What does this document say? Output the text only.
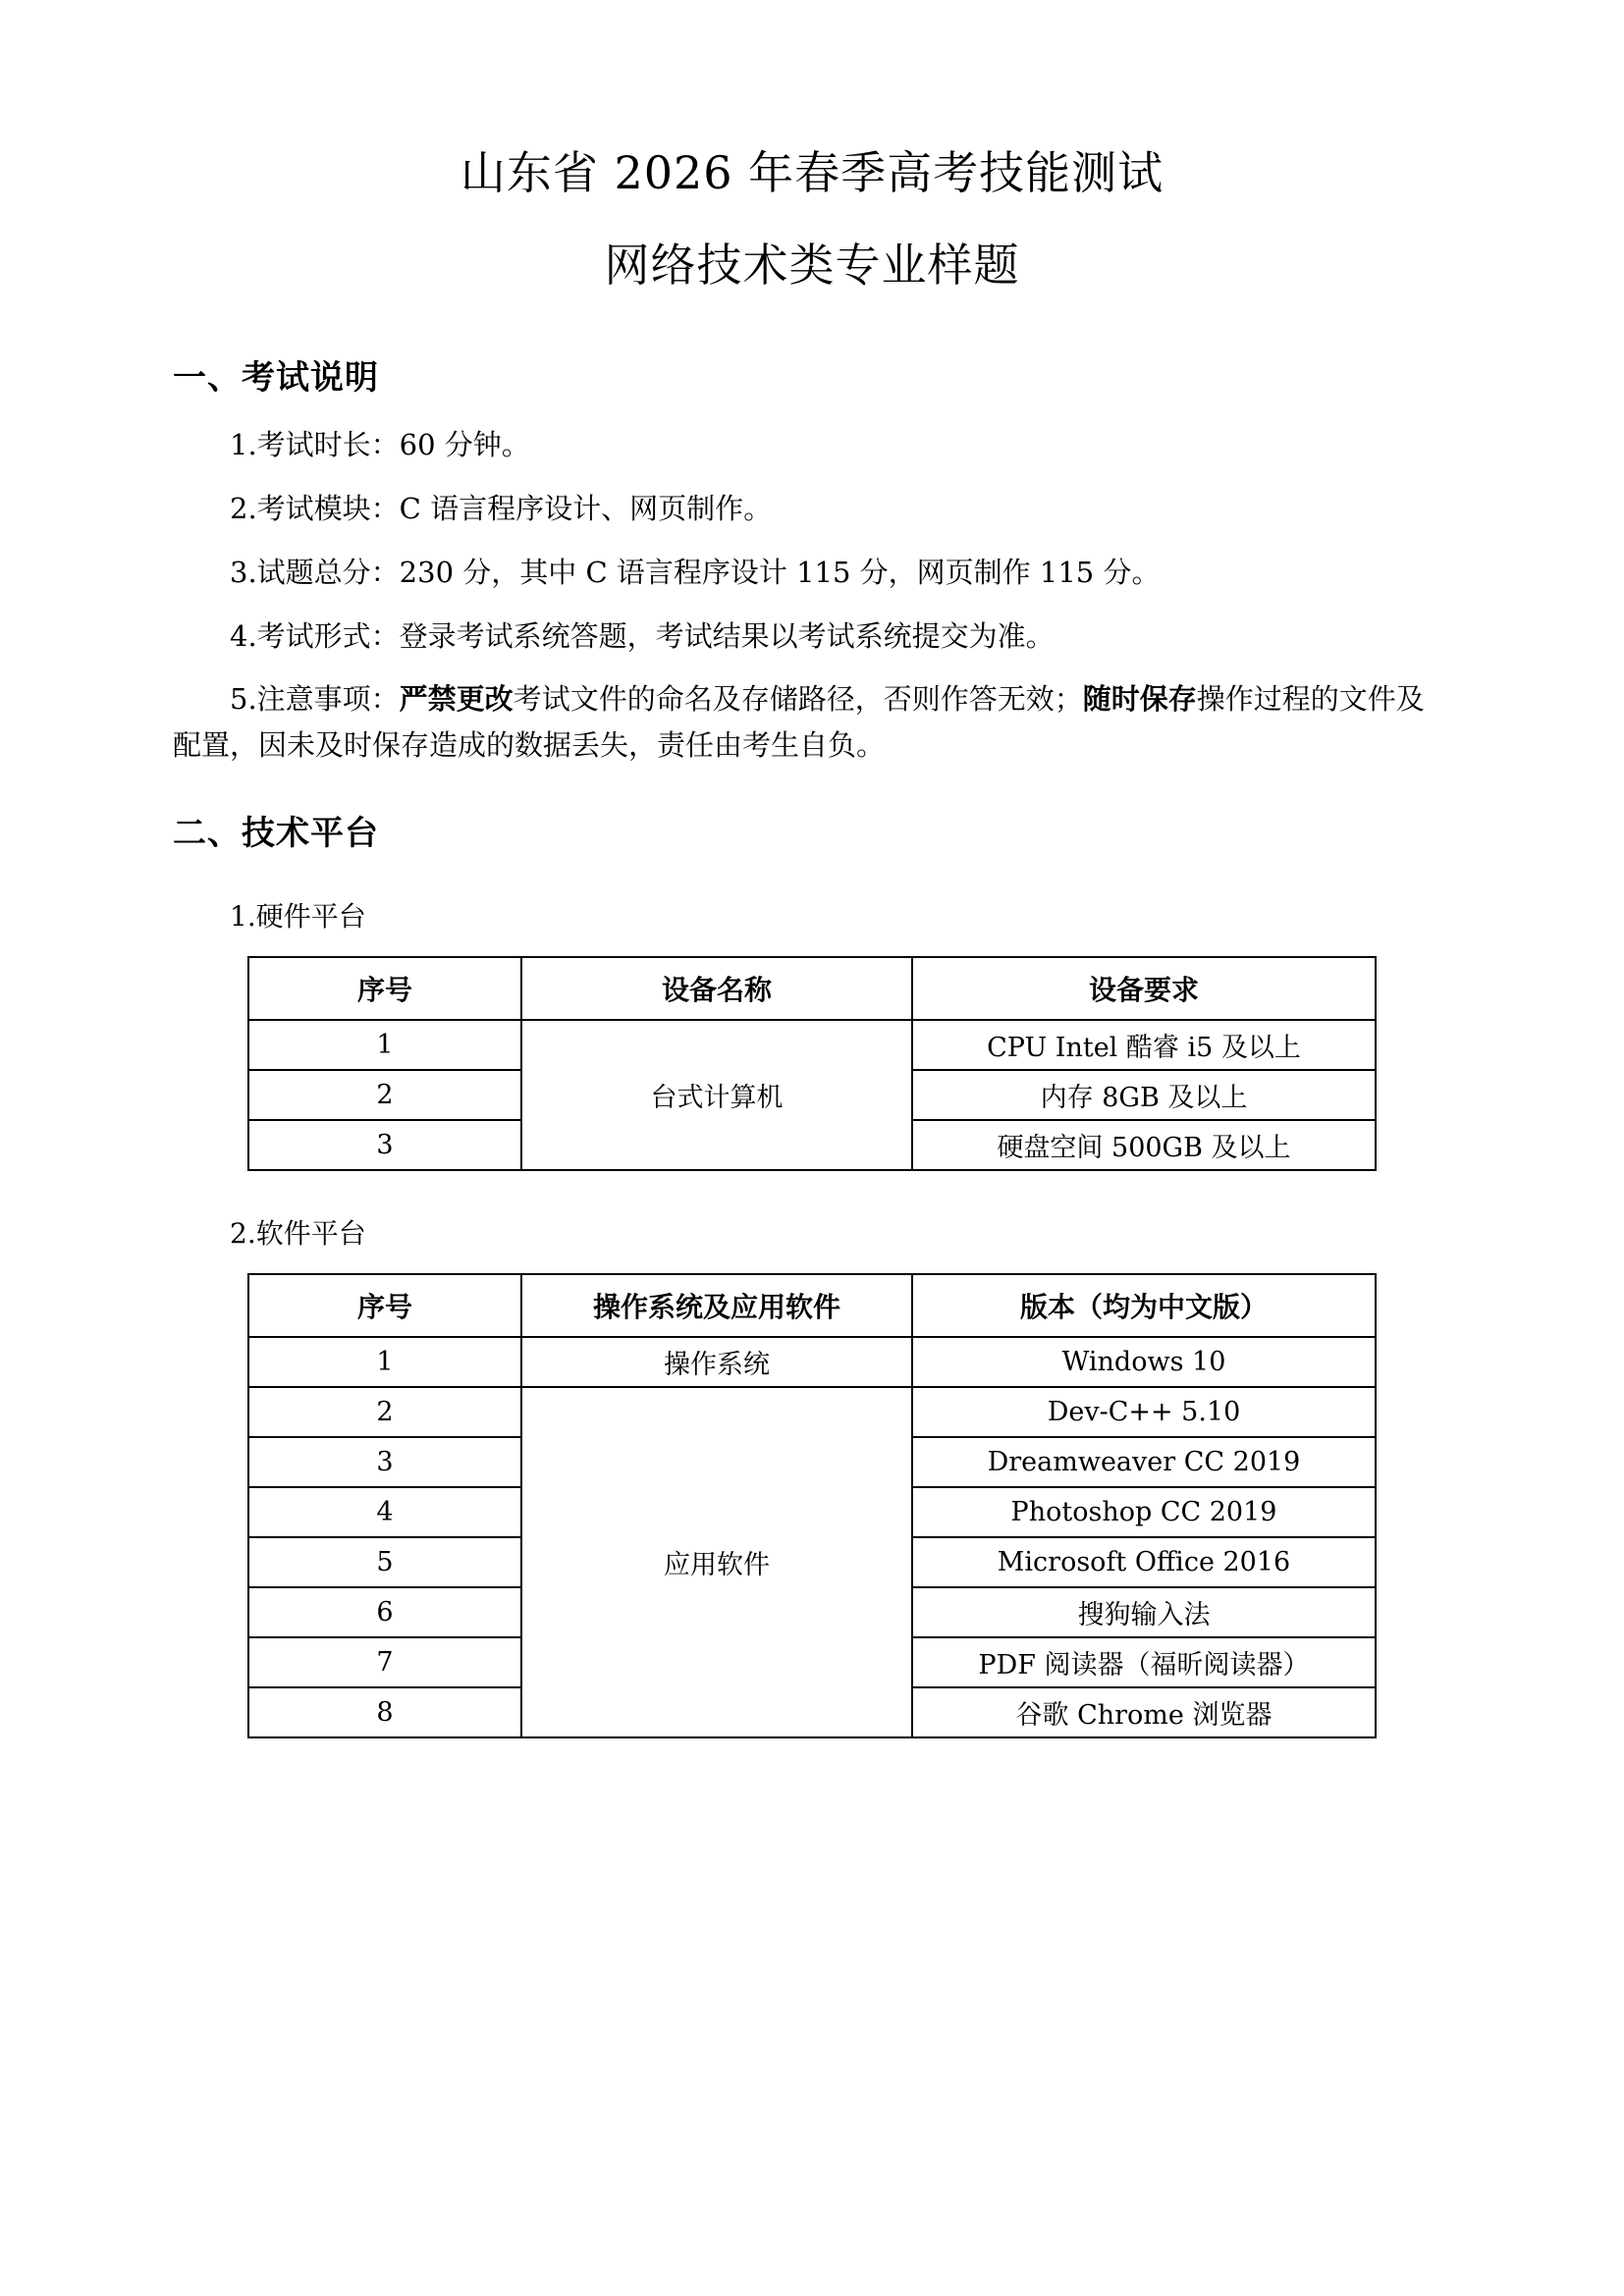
山东省 2026 年春季高考技能测试
网络技术类专业样题
一、考试说明

1.考试时长：60 分钟。

2.考试模块：C 语言程序设计、网页制作。

3.试题总分：230 分，其中 C 语言程序设计 115 分，网页制作 115 分。

4.考试形式：登录考试系统答题，考试结果以考试系统提交为准。

5.注意事项：严禁更改考试文件的命名及存储路径，否则作答无效；随时保存操作过程的文件及配置，因未及时保存造成的数据丢失，责任由考生自负。

二、技术平台

1.硬件平台

序号	设备名称	设备要求
1	台式计算机	CPU Intel 酷睿 i5 及以上
2		内存 8GB 及以上
3		硬盘空间 500GB 及以上

2.软件平台

序号	操作系统及应用软件	版本（均为中文版）
1	操作系统	Windows 10
2	应用软件	Dev-C++ 5.10
3		Dreamweaver CC 2019
4		Photoshop CC 2019
5		Microsoft Office 2016
6		搜狗输入法
7		PDF 阅读器（福昕阅读器）
8		谷歌 Chrome 浏览器
